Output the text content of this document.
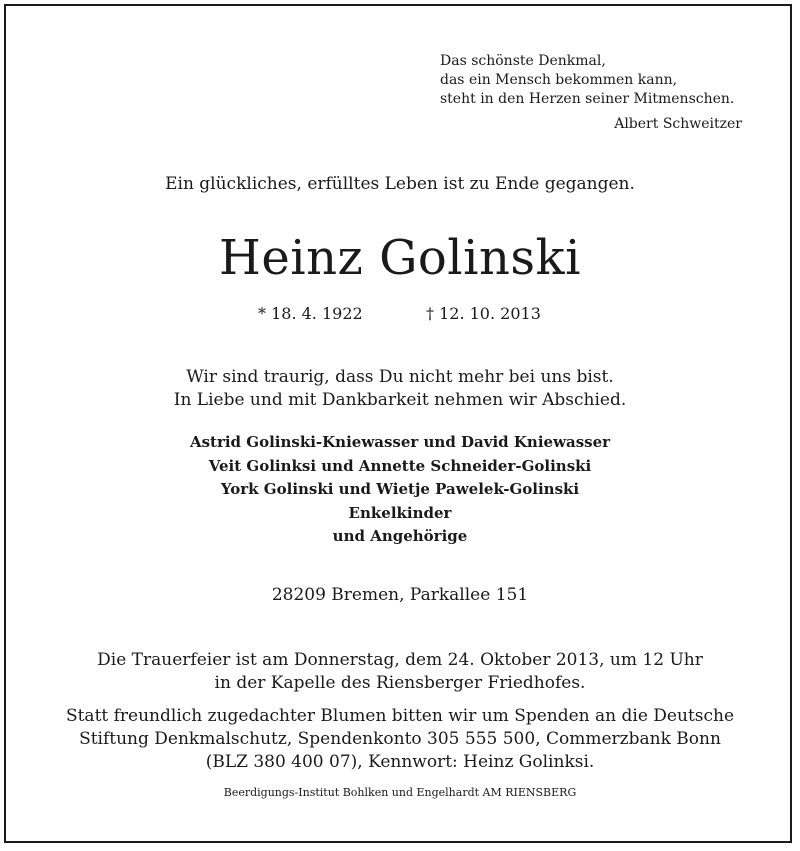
Das schönste Denkmal,
das ein Mensch bekommen kann,
steht in den Herzen seiner Mitmenschen.
Albert Schweitzer
Ein glückliches, erfülltes Leben ist zu Ende gegangen.
Heinz Golinski
* 18. 4. 1922	† 12. 10. 2013
Wir sind traurig, dass Du nicht mehr bei uns bist.
In Liebe und mit Dankbarkeit nehmen wir Abschied.
Astrid Golinski-Kniewasser und David Kniewasser
Veit Golinksi und Annette Schneider-Golinski
York Golinski und Wietje Pawelek-Golinski
Enkelkinder
und Angehörige
28209 Bremen, Parkallee 151
Die Trauerfeier ist am Donnerstag, dem 24. Oktober 2013, um 12 Uhr
in der Kapelle des Riensberger Friedhofes.
Statt freundlich zugedachter Blumen bitten wir um Spenden an die Deutsche
Stiftung Denkmalschutz, Spendenkonto 305 555 500, Commerzbank Bonn
(BLZ 380 400 07), Kennwort: Heinz Golinksi.
Beerdigungs-Institut Bohlken und Engelhardt AM RIENSBERG
